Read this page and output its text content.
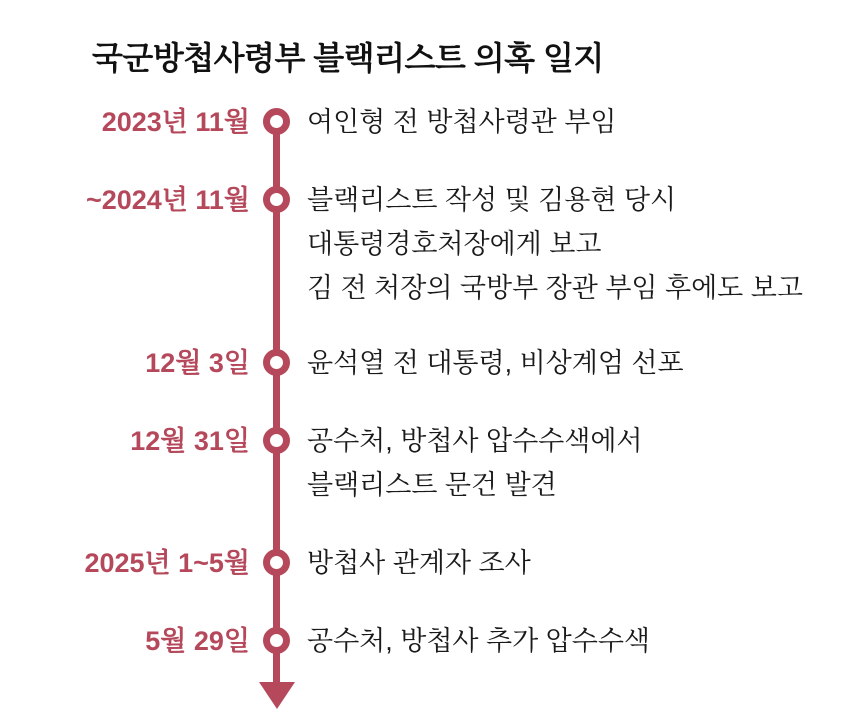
국군방첩사령부 블랙리스트 의혹 일지
2023년 11월 여인형 전 방첩사령관 부임
~2024년 11월 블랙리스트 작성 및 김용현 당시
대통령경호처장에게 보고
김 전 처장의 국방부 장관 부임 후에도 보고
12월 3일 윤석열 전 대통령, 비상계엄 선포
12월 31일 공수처, 방첩사 압수수색에서
블랙리스트 문건 발견
2025년 1~5월 방첩사 관계자 조사
5월 29일 공수처, 방첩사 추가 압수수색
